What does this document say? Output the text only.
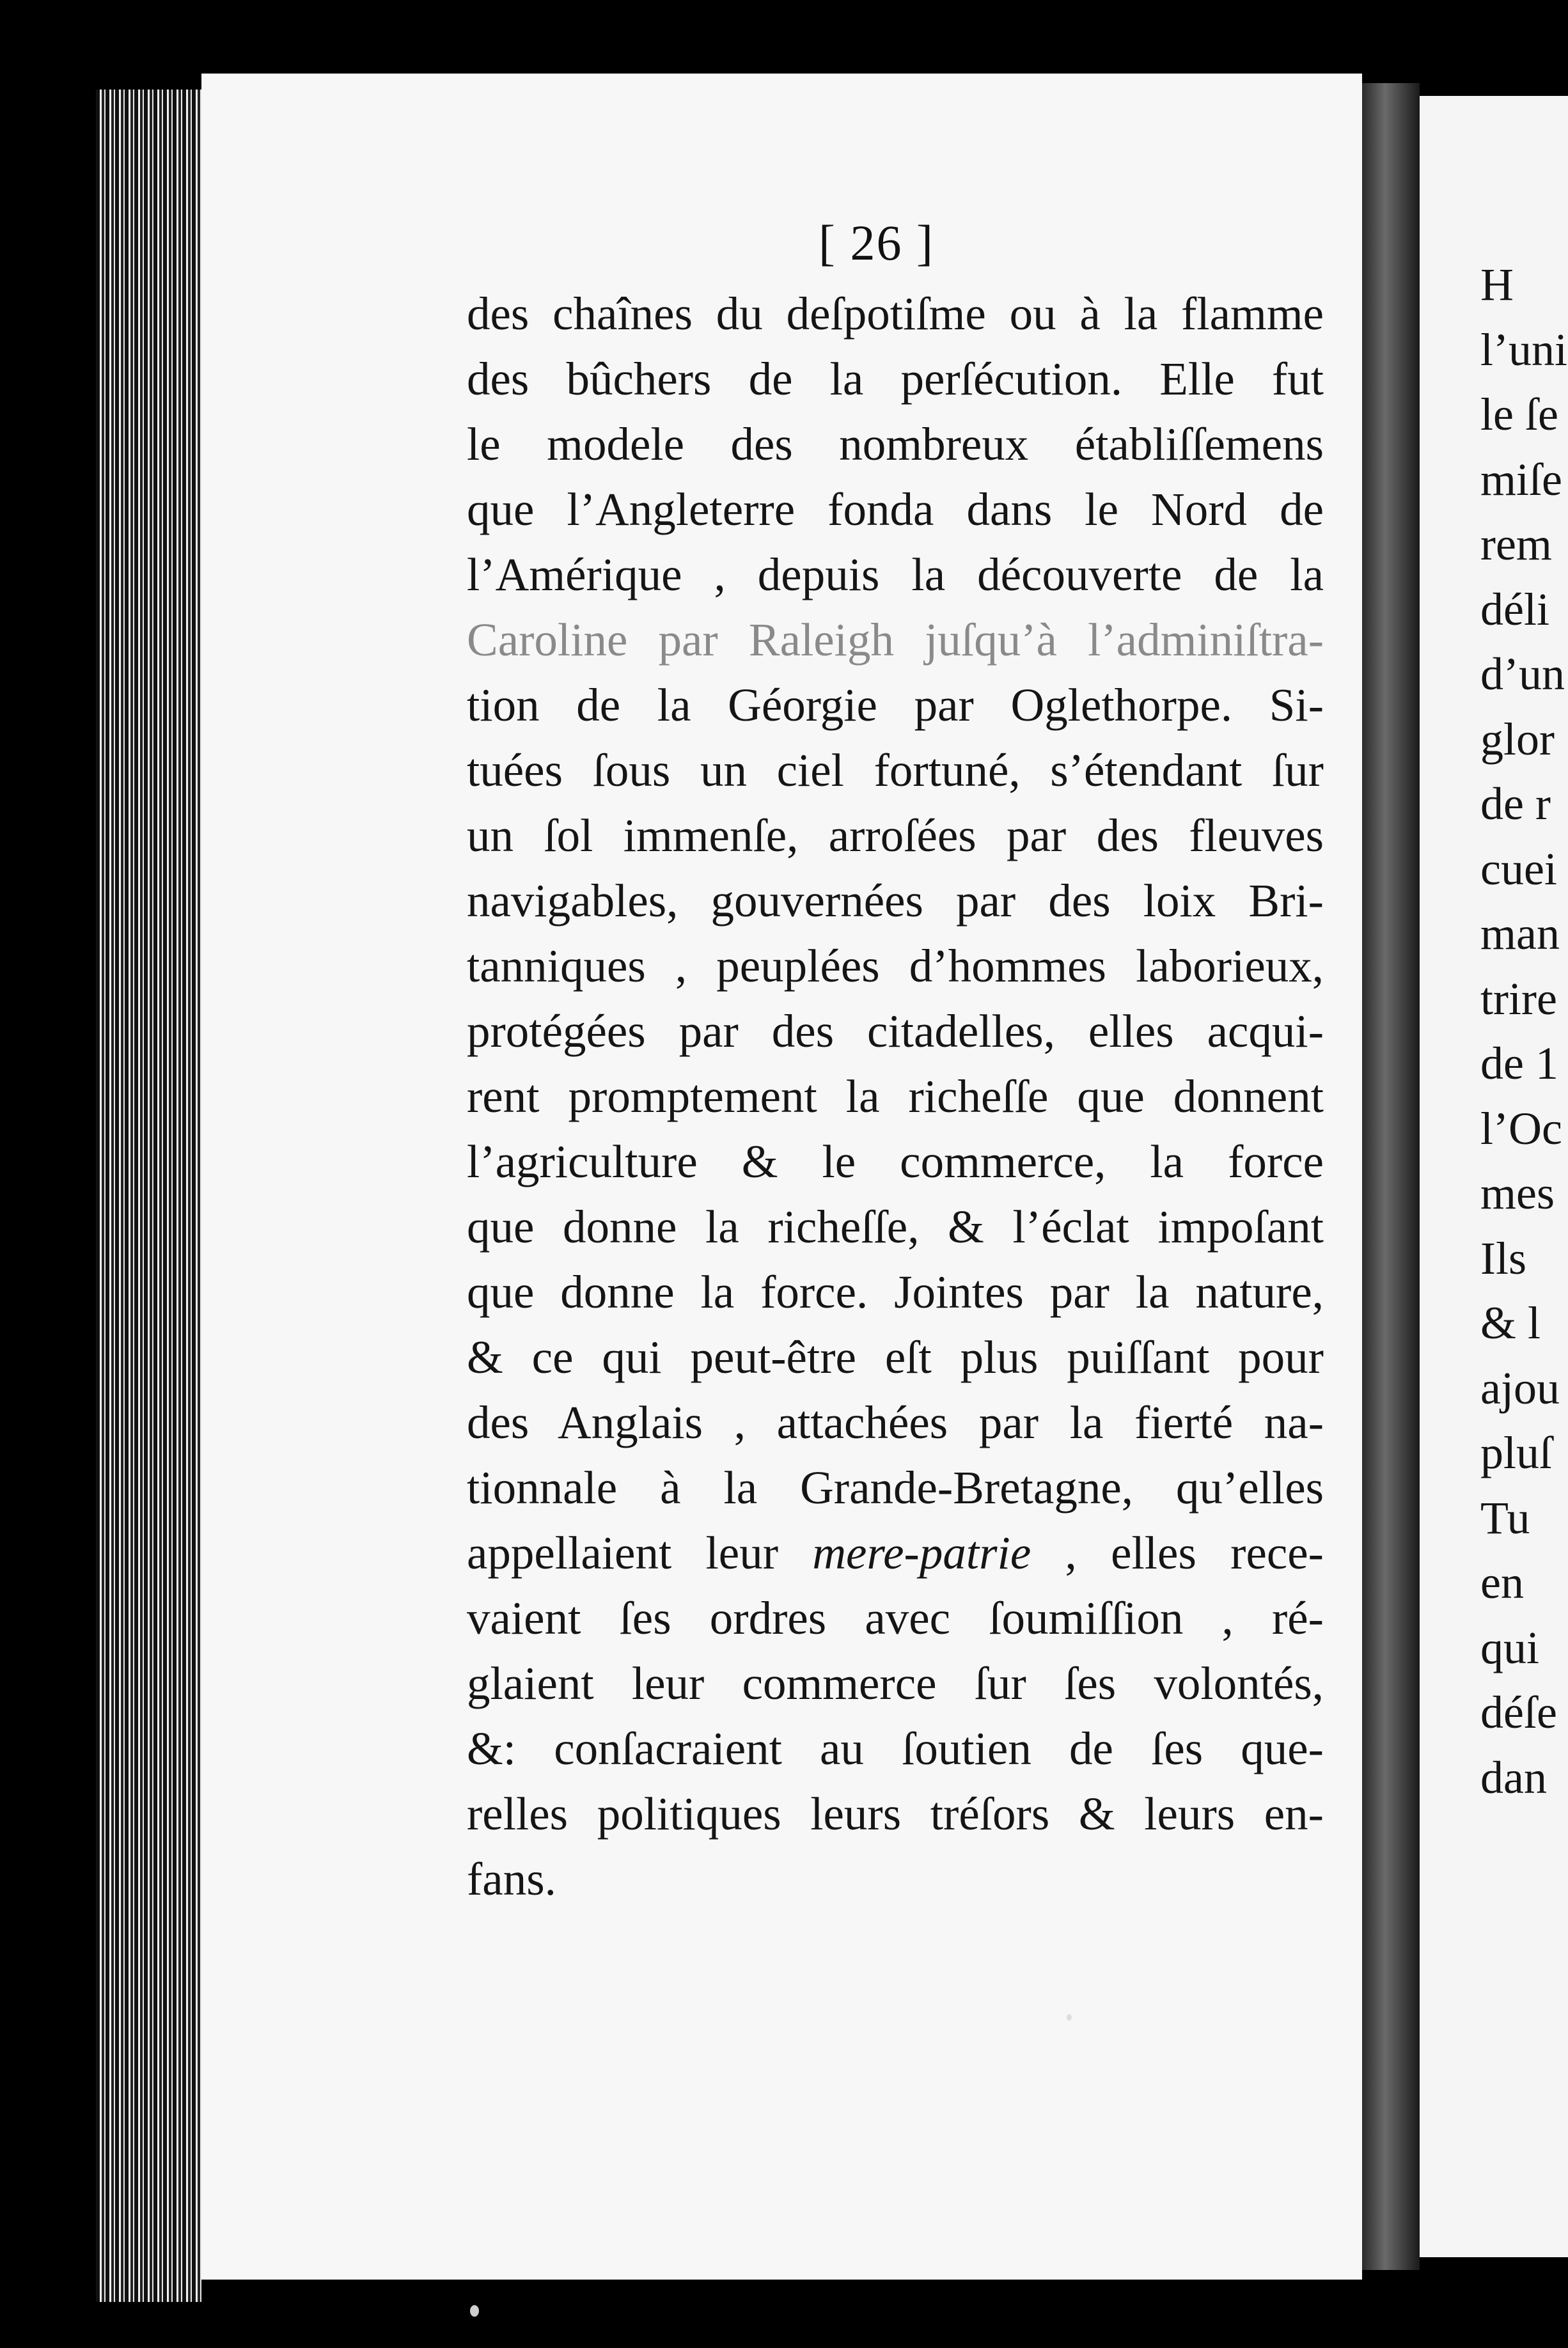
[ 26 ]
des chaînes du deſpotiſme ou à la flamme
des bûchers de la perſécution. Elle fut
le modele des nombreux établiſſemens
que l’Angleterre fonda dans le Nord de
l’Amérique , depuis la découverte de la
Caroline par Raleigh juſqu’à l’adminiſtra-
tion de la Géorgie par Oglethorpe. Si-
tuées ſous un ciel fortuné, s’étendant ſur
un ſol immenſe, arroſées par des fleuves
navigables, gouvernées par des loix Bri-
tanniques , peuplées d’hommes laborieux,
protégées par des citadelles, elles acqui-
rent promptement la richeſſe que donnent
l’agriculture & le commerce, la force
que donne la richeſſe, & l’éclat impoſant
que donne la force. Jointes par la nature,
& ce qui peut-être eſt plus puiſſant pour
des Anglais , attachées par la fierté na-
tionnale à la Grande-Bretagne, qu’elles
appellaient leur mere-patrie , elles rece-
vaient ſes ordres avec ſoumiſſion , ré-
glaient leur commerce ſur ſes volontés,
&: conſacraient au ſoutien de ſes que-
relles politiques leurs tréſors & leurs en-
fans.
H
l’uni
le ſe
miſe
rem
déli
d’un
glor
de r
cuei
man
trire
de 1
l’Oc
mes
Ils
& l
ajou
pluſ
Tu
en
qui
déſe
dan
